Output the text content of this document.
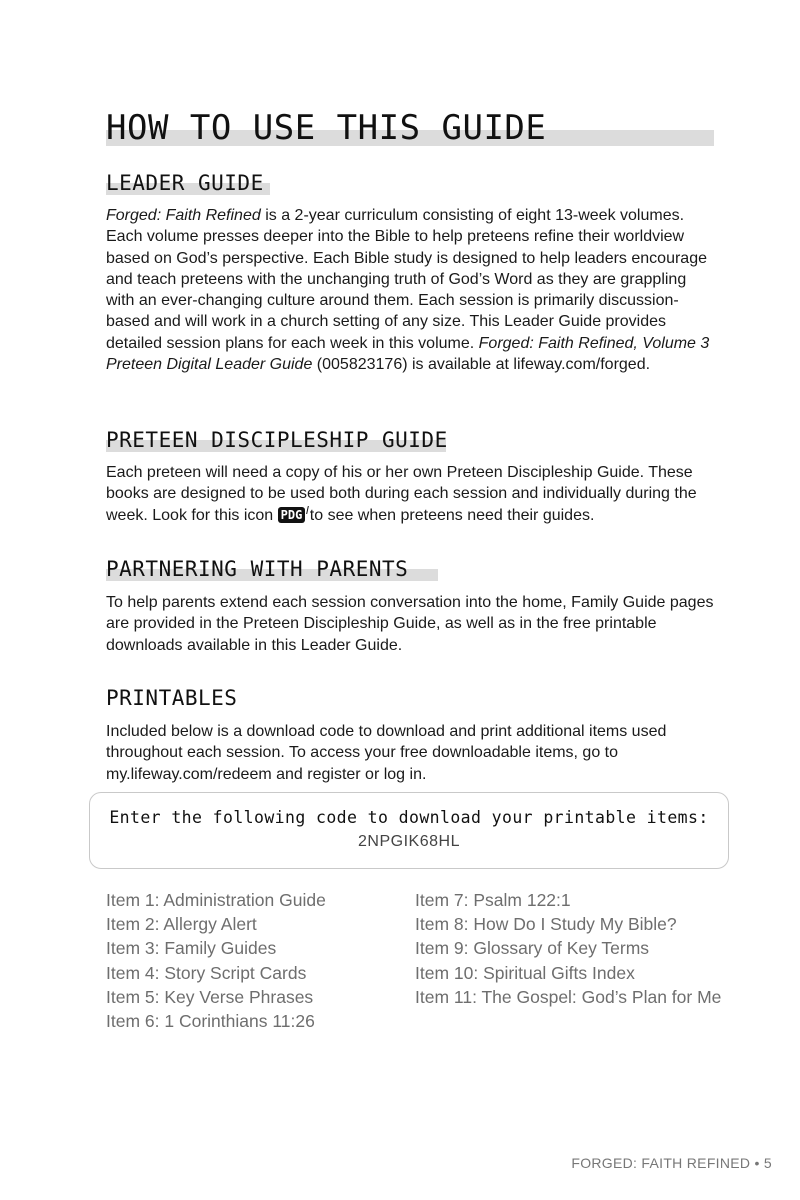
HOW TO USE THIS GUIDE
LEADER GUIDE

Forged: Faith Refined is a 2-year curriculum consisting of eight 13-week volumes. Each volume presses deeper into the Bible to help preteens refine their worldview based on God’s perspective. Each Bible study is designed to help leaders encourage and teach preteens with the unchanging truth of God’s Word as they are grappling with an ever-changing culture around them. Each session is primarily discussion-based and will work in a church setting of any size. This Leader Guide provides detailed session plans for each week in this volume. Forged: Faith Refined, Volume 3 Preteen Digital Leader Guide (005823176) is available at lifeway.com/forged.

PRETEEN DISCIPLESHIP GUIDE

Each preteen will need a copy of his or her own Preteen Discipleship Guide. These books are designed to be used both during each session and individually during the week. Look for this icon PDG to see when preteens need their guides.

PARTNERING WITH PARENTS

To help parents extend each session conversation into the home, Family Guide pages are provided in the Preteen Discipleship Guide, as well as in the free printable downloads available in this Leader Guide.

PRINTABLES

Included below is a download code to download and print additional items used throughout each session. To access your free downloadable items, go to my.lifeway.com/redeem and register or log in.

Enter the following code to download your printable items:
2NPGIK68HL
Item 1: Administration Guide
Item 2: Allergy Alert
Item 3: Family Guides
Item 4: Story Script Cards
Item 5: Key Verse Phrases
Item 6: 1 Corinthians 11:26
Item 7: Psalm 122:1
Item 8: How Do I Study My Bible?
Item 9: Glossary of Key Terms
Item 10: Spiritual Gifts Index
Item 11: The Gospel: God’s Plan for Me
FORGED: FAITH REFINED • 5
